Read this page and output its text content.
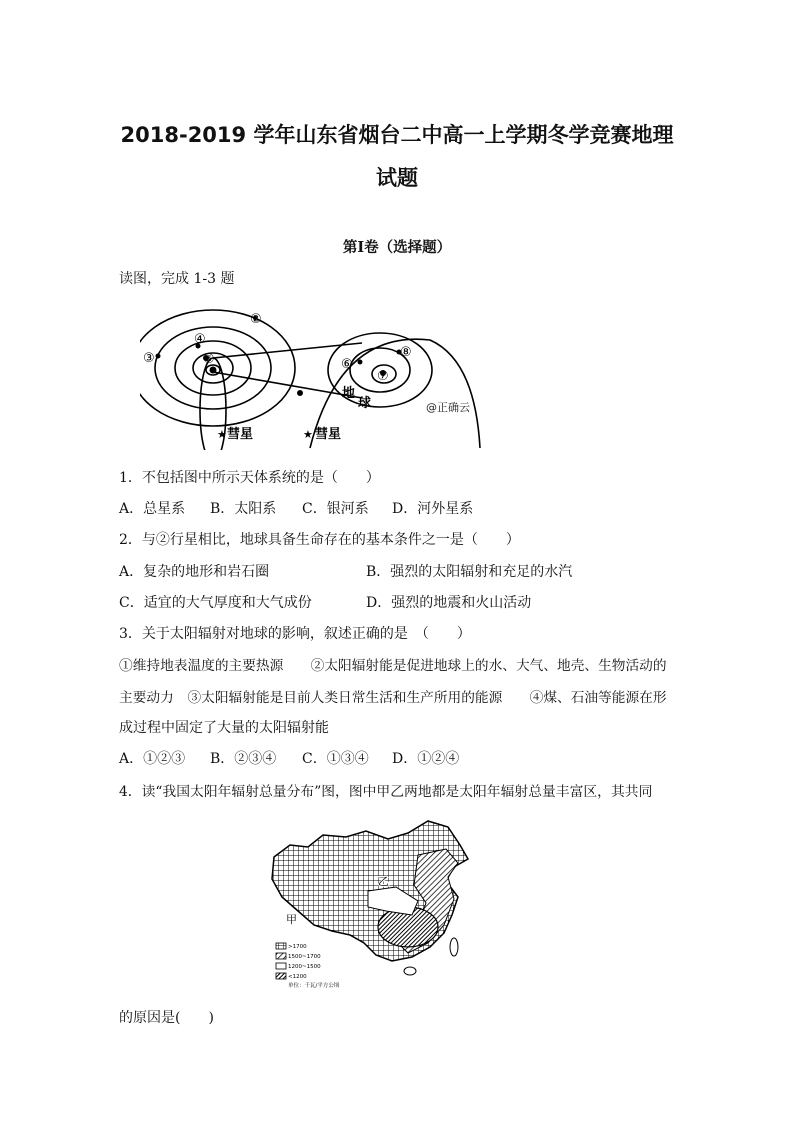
2018-2019 学年山东省烟台二中高一上学期冬学竞赛地理
试题
第Ⅰ卷（选择题）
读图，完成 1-3 题
②
③
④
⑤	⑥
⑦
⑧
地
球
彗星	彗星
★	★
@正确云
1．不包括图中所示天体系统的是（　　）
A．总星系 B．太阳系 C．银河系 D．河外星系
2．与②行星相比，地球具备生命存在的基本条件之一是（　　）
A．复杂的地形和岩石圈	B．强烈的太阳辐射和充足的水汽
C．适宜的大气厚度和大气成份	D．强烈的地震和火山活动
3．关于太阳辐射对地球的影响，叙述正确的是　（　　）
①维持地表温度的主要热源　　②太阳辐射能是促进地球上的水、大气、地壳、生物活动的
主要动力　③太阳辐射能是目前人类日常生活和生产所用的能源　　④煤、石油等能源在形
成过程中固定了大量的太阳辐射能
A．①②③ B．②③④ C．①③④ D．①②④
4．读“我国太阳年辐射总量分布”图，图中甲乙两地都是太阳年辐射总量丰富区，其共同
甲
乙
>1700
1500~1700
1200~1500
<1200
单位：千瓦/平方公顷
的原因是(　　)
